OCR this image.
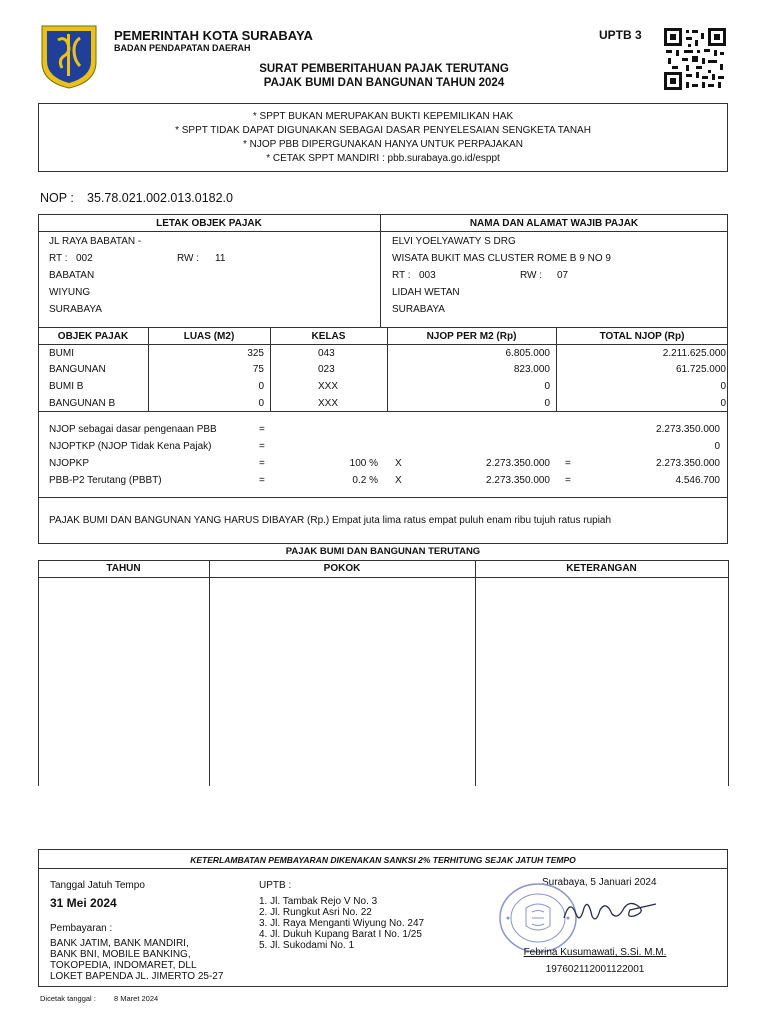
PEMERINTAH KOTA SURABAYA
BADAN PENDAPATAN DAERAH
UPTB 3
SURAT PEMBERITAHUAN PAJAK TERUTANG
PAJAK BUMI DAN BANGUNAN TAHUN 2024
* SPPT BUKAN MERUPAKAN BUKTI KEPEMILIKAN HAK
* SPPT TIDAK DAPAT DIGUNAKAN SEBAGAI DASAR PENYELESAIAN SENGKETA TANAH
* NJOP PBB DIPERGUNAKAN HANYA UNTUK PERPAJAKAN
* CETAK SPPT MANDIRI : pbb.surabaya.go.id/esppt
NOP : 35.78.021.002.013.0182.0
LETAK OBJEK PAJAK	NAMA DAN ALAMAT WAJIB PAJAK
JL RAYA BABATAN -
RT : 002	RW : 11
BABATAN
WIYUNG
SURABAYA
ELVI YOELYAWATY S DRG
WISATA BUKIT MAS CLUSTER ROME B 9 NO 9
RT : 003	RW : 07
LIDAH WETAN
SURABAYA
OBJEK PAJAK	LUAS (M2)	KELAS	NJOP PER M2 (Rp)	TOTAL NJOP (Rp)
BUMI	325	043	6.805.000	2.211.625.000
BANGUNAN	75	023	823.000	61.725.000
BUMI B	0	XXX	0	0
BANGUNAN B	0	XXX	0	0
NJOP sebagai dasar pengenaan PBB	=	2.273.350.000
NJOPTKP (NJOP Tidak Kena Pajak)	=	0
NJOPKP	=	100 % X	2.273.350.000 =	2.273.350.000
PBB-P2 Terutang (PBBT)	=	0.2 % X	2.273.350.000 =	4.546.700
PAJAK BUMI DAN BANGUNAN YANG HARUS DIBAYAR (Rp.) Empat juta lima ratus empat puluh enam ribu tujuh ratus rupiah
PAJAK BUMI DAN BANGUNAN TERUTANG
TAHUN	POKOK	KETERANGAN
KETERLAMBATAN PEMBAYARAN DIKENAKAN SANKSI 2% TERHITUNG SEJAK JATUH TEMPO
Tanggal Jatuh Tempo
31 Mei 2024
Pembayaran :
BANK JATIM, BANK MANDIRI,
BANK BNI, MOBILE BANKING,
TOKOPEDIA, INDOMARET, DLL
LOKET BAPENDA JL. JIMERTO 25-27
UPTB :
1. Jl. Tambak Rejo V No. 3
2. Jl. Rungkut Asri No. 22
3. Jl. Raya Menganti Wiyung No. 247
4. Jl. Dukuh Kupang Barat I No. 1/25
5. Jl. Sukodami No. 1
Surabaya, 5 Januari 2024
Febrina Kusumawati, S.Si. M.M.
197602112001122001
Dicetak tanggal : 8 Maret 2024
